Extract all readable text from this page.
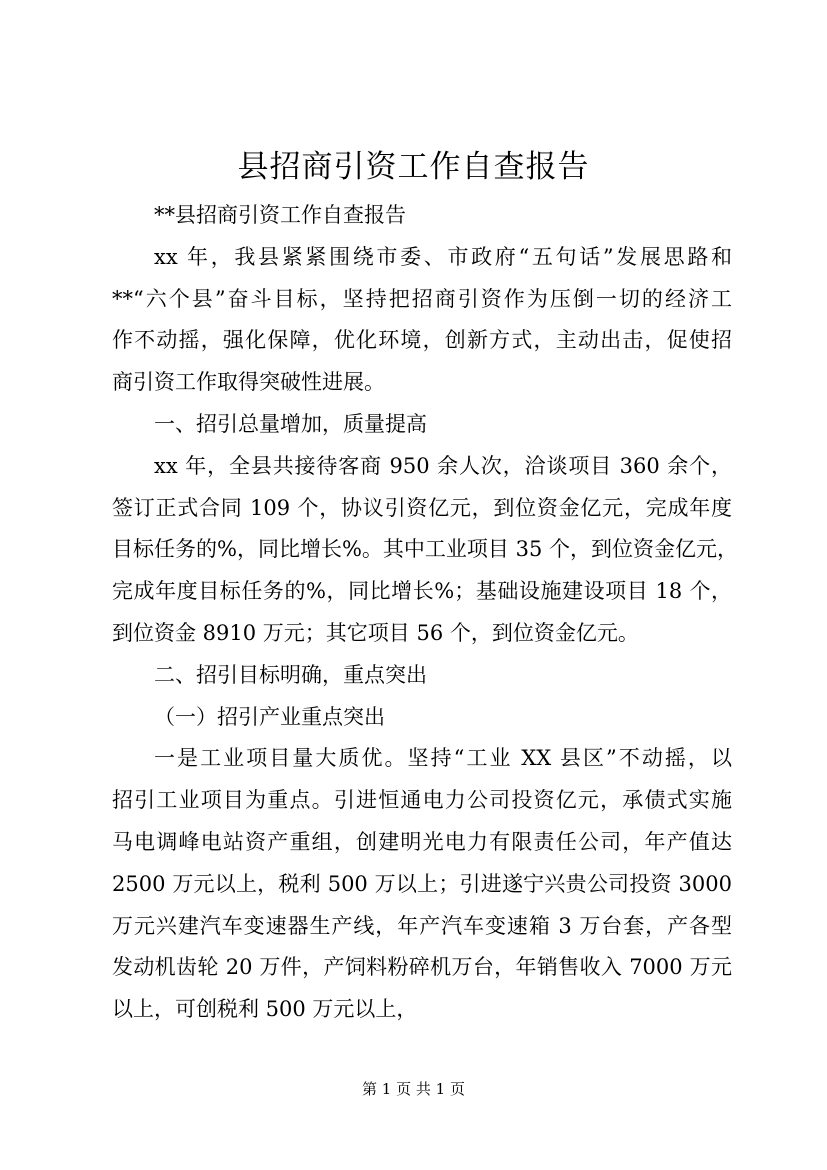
县招商引资工作自查报告
**县招商引资工作自查报告
xx 年，我县紧紧围绕市委、市政府“五句话”发展思路和
**“六个县”奋斗目标，坚持把招商引资作为压倒一切的经济工
作不动摇，强化保障，优化环境，创新方式，主动出击，促使招
商引资工作取得突破性进展。
一、招引总量增加，质量提高
xx 年，全县共接待客商 950 余人次，洽谈项目 360 余个，
签订正式合同 109 个，协议引资亿元，到位资金亿元，完成年度
目标任务的%，同比增长%。其中工业项目 35 个，到位资金亿元，
完成年度目标任务的%，同比增长%；基础设施建设项目 18 个，
到位资金 8910 万元；其它项目 56 个，到位资金亿元。
二、招引目标明确，重点突出
（一）招引产业重点突出
一是工业项目量大质优。坚持“工业 XX 县区”不动摇，以
招引工业项目为重点。引进恒通电力公司投资亿元，承债式实施
马电调峰电站资产重组，创建明光电力有限责任公司，年产值达
2500 万元以上，税利 500 万以上；引进遂宁兴贵公司投资 3000
万元兴建汽车变速器生产线，年产汽车变速箱 3 万台套，产各型
发动机齿轮 20 万件，产饲料粉碎机万台，年销售收入 7000 万元
以上，可创税利 500 万元以上，
第 1 页 共 1 页
